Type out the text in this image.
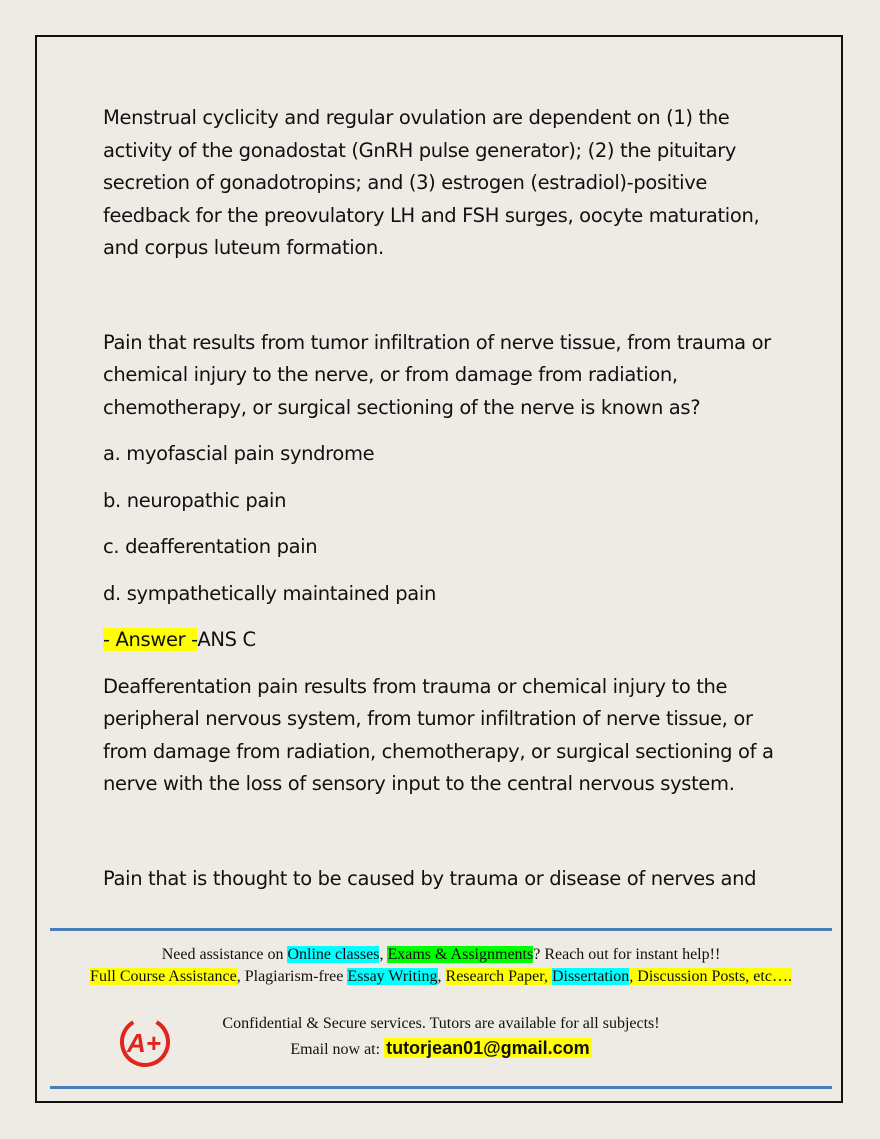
Menstrual cyclicity and regular ovulation are dependent on (1) the activity of the gonadostat (GnRH pulse generator); (2) the pituitary secretion of gonadotropins; and (3) estrogen (estradiol)-positive feedback for the preovulatory LH and FSH surges, oocyte maturation, and corpus luteum formation.

Pain that results from tumor infiltration of nerve tissue, from trauma or chemical injury to the nerve, or from damage from radiation, chemotherapy, or surgical sectioning of the nerve is known as?

a. myofascial pain syndrome

b. neuropathic pain

c. deafferentation pain

d. sympathetically maintained pain

- Answer -ANS C

Deafferentation pain results from trauma or chemical injury to the peripheral nervous system, from tumor infiltration of nerve tissue, or from damage from radiation, chemotherapy, or surgical sectioning of a nerve with the loss of sensory input to the central nervous system.

Pain that is thought to be caused by trauma or disease of nerves and

Need assistance on Online classes, Exams & Assignments? Reach out for instant help!!
Full Course Assistance, Plagiarism-free Essay Writing, Research Paper, Dissertation, Discussion Posts, etc….
A+
Confidential & Secure services. Tutors are available for all subjects!
Email now at: tutorjean01@gmail.com
